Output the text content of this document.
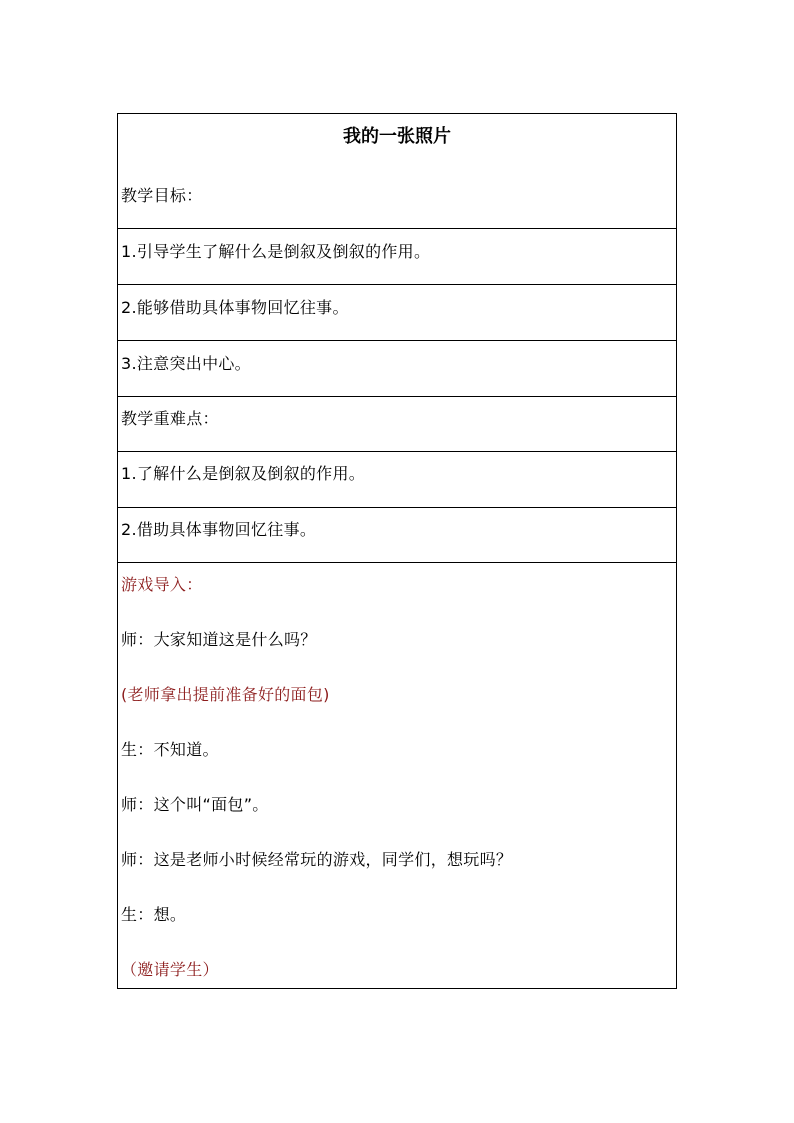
我的一张照片
教学目标：
1.引导学生了解什么是倒叙及倒叙的作用。
2.能够借助具体事物回忆往事。
3.注意突出中心。
教学重难点：
1.了解什么是倒叙及倒叙的作用。
2.借助具体事物回忆往事。
游戏导入：
师：大家知道这是什么吗？
(老师拿出提前准备好的面包)
生：不知道。
师：这个叫“面包”。
师：这是老师小时候经常玩的游戏，同学们，想玩吗？
生：想。
（邀请学生）
